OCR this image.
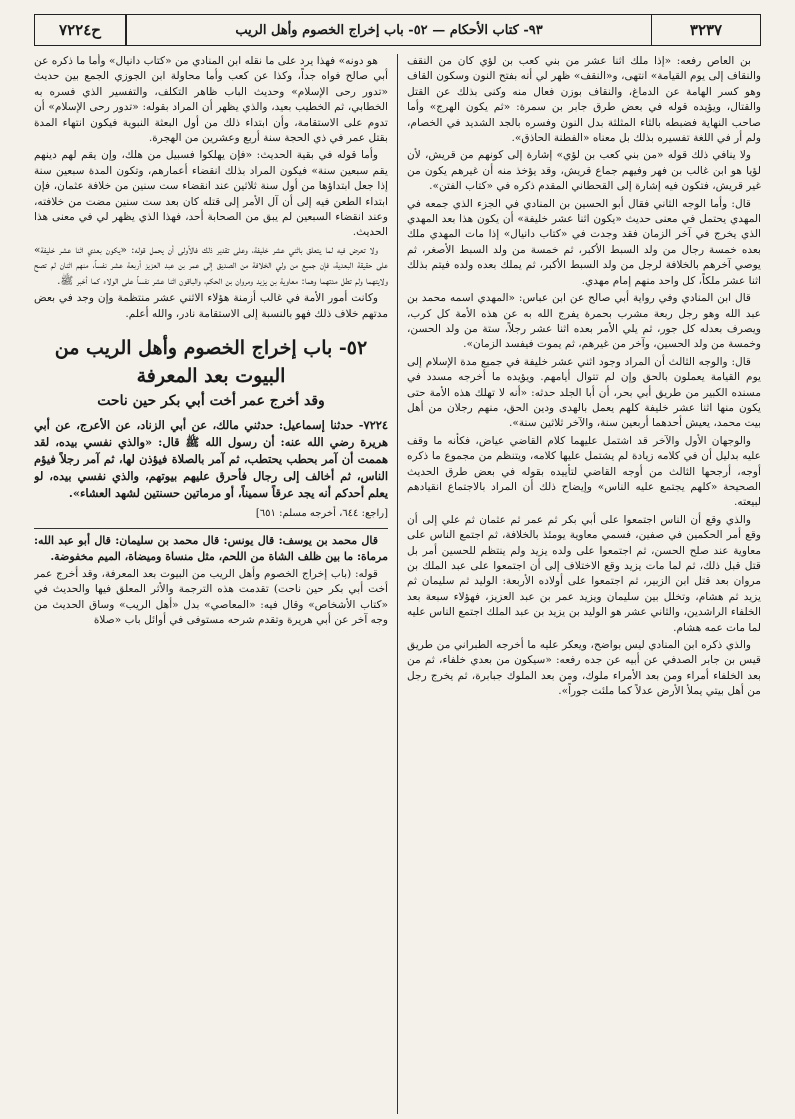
٣٢٣٧
٩٣- كتاب الأحكام — ٥٢- باب إخراج الخصوم وأهل الريب
ح٧٢٢٤

بن العاص رفعه: «إذا ملك اثنا عشر من بني كعب بن لؤي كان من النقف والنقاف إلى يوم القيامة» انتهى، و«النقف» ظهر لي أنه بفتح النون وسكون القاف وهو كسر الهامة عن الدماغ، والنقاف بوزن فعال منه وكنى بذلك عن القتل والقتال، ويؤيده قوله في بعض طرق جابر بن سمرة: «ثم يكون الهرج» وأما صاحب النهاية فضبطه بالثاء المثلثة بدل النون وفسره بالجد الشديد في الخصام، ولم أر في اللغة تفسيره بذلك بل معناه «الفطنة الحاذق».

ولا ينافي ذلك قوله «من بني كعب بن لؤي» إشارة إلى كونهم من قريش، لأن لؤيا هو ابن غالب بن فهر وفيهم جماع قريش، وقد يؤخذ منه أن غيرهم يكون من غير قريش، فتكون فيه إشارة إلى القحطاني المقدم ذكره في «كتاب الفتن».

قال: وأما الوجه الثاني فقال أبو الحسين بن المنادي في الجزء الذي جمعه في المهدي يحتمل في معنى حديث «يكون اثنا عشر خليفة» أن يكون هذا بعد المهدي الذي يخرج في آخر الزمان فقد وجدت في «كتاب دانيال» إذا مات المهدي ملك بعده خمسة رجال من ولد السبط الأكبر، ثم خمسة من ولد السبط الأصغر، ثم يوصي آخرهم بالخلافة لرجل من ولد السبط الأكبر، ثم يملك بعده ولده فيتم بذلك اثنا عشر ملكاً، كل واحد منهم إمام مهدي.

قال ابن المنادي وفي رواية أبي صالح عن ابن عباس: «المهدي اسمه محمد بن عبد الله وهو رجل ربعة مشرب بحمرة يفرج الله به عن هذه الأمة كل كرب، ويصرف بعدله كل جور، ثم يلي الأمر بعده اثنا عشر رجلاً، ستة من ولد الحسن، وخمسة من ولد الحسين، وآخر من غيرهم، ثم يموت فيفسد الزمان».

قال: والوجه الثالث أن المراد وجود اثني عشر خليفة في جميع مدة الإسلام إلى يوم القيامة يعملون بالحق وإن لم تتوال أيامهم. ويؤيده ما أخرجه مسدد في مسنده الكبير من طريق أبي بحر، أن أبا الجلد حدثه: «أنه لا تهلك هذه الأمة حتى يكون منها اثنا عشر خليفة كلهم يعمل بالهدى ودين الحق، منهم رجلان من أهل بيت محمد، يعيش أحدهما أربعين سنة، والآخر ثلاثين سنة».

والوجهان الأول والآخر قد اشتمل عليهما كلام القاضي عياض، فكأنه ما وقف عليه بدليل أن في كلامه زيادة لم يشتمل عليها كلامه، ويتنظم من مجموع ما ذكره أوجه، أرجحها الثالث من أوجه القاضي لتأييده بقوله في بعض طرق الحديث الصحيحة «كلهم يجتمع عليه الناس» وإيضاح ذلك أن المراد بالاجتماع انقيادهم لبيعته.

والذي وقع أن الناس اجتمعوا على أبي بكر ثم عمر ثم عثمان ثم علي إلى أن وقع أمر الحكمين في صفين، فسمي معاوية يومئذ بالخلافة، ثم اجتمع الناس على معاوية عند صلح الحسن، ثم اجتمعوا على ولده يزيد ولم ينتظم للحسين أمر بل قتل قبل ذلك، ثم لما مات يزيد وقع الاختلاف إلى أن اجتمعوا على عبد الملك بن مروان بعد قتل ابن الزبير، ثم اجتمعوا على أولاده الأربعة: الوليد ثم سليمان ثم يزيد ثم هشام، وتخلل بين سليمان ويزيد عمر بن عبد العزيز، فهؤلاء سبعة بعد الخلفاء الراشدين، والثاني عشر هو الوليد بن يزيد بن عبد الملك اجتمع الناس عليه لما مات عمه هشام.

والذي ذكره ابن المنادي ليس بواضح، ويعكر عليه ما أخرجه الطبراني من طريق قيس بن جابر الصدفي عن أبيه عن جده رفعه: «سيكون من بعدي خلفاء، ثم من بعد الخلفاء أمراء ومن بعد الأمراء ملوك، ومن بعد الملوك جبابرة، ثم يخرج رجل من أهل بيتي يملأ الأرض عدلاً كما ملئت جوراً».

هو دونه» فهذا يرد على ما نقله ابن المنادي من «كتاب دانيال» وأما ما ذكره عن أبي صالح فواه جداً، وكذا عن كعب وأما محاولة ابن الجوزي الجمع بين حديث «تدور رحى الإسلام» وحديث الباب ظاهر التكلف، والتفسير الذي فسره به الخطابي، ثم الخطيب بعيد، والذي يظهر أن المراد بقوله: «تدور رحى الإسلام» أن تدوم على الاستقامة، وأن ابتداء ذلك من أول البعثة النبوية فيكون انتهاء المدة بقتل عمر في ذي الحجة سنة أربع وعشرين من الهجرة.

وأما قوله في بقية الحديث: «فإن يهلكوا فسبيل من هلك، وإن يقم لهم دينهم يقم سبعين سنة» فيكون المراد بذلك انقضاء أعمارهم، وتكون المدة سبعين سنة إذا جعل ابتداؤها من أول سنة ثلاثين عند انقضاء ست سنين من خلافة عثمان، فإن ابتداء الطعن فيه إلى أن آل الأمر إلى قتله كان بعد ست سنين مضت من خلافته، وعند انقضاء السبعين لم يبق من الصحابة أحد، فهذا الذي يظهر لي في معنى هذا الحديث.

ولا تعرض فيه لما يتعلق باثني عشر خليفة، وعلى تقدير ذلك فالأولى أن يحمل قوله: «يكون بعدي اثنا عشر خليفة» على حقيقة البعدية، فإن جميع من ولي الخلافة من الصديق إلى عمر بن عبد العزيز أربعة عشر نفساً، منهم اثنان لم تصح ولايتهما ولم تطل مدتهما وهما: معاوية بن يزيد ومروان بن الحكم، والباقون اثنا عشر نفساً على الولاء كما أخبر ﷺ.

وكانت أمور الأمة في غالب أزمنة هؤلاء الاثني عشر منتظمة وإن وجد في بعض مدتهم خلاف ذلك فهو بالنسبة إلى الاستقامة نادر، والله أعلم.

٥٢- باب إخراج الخصوم وأهل الريب من البيوت بعد المعرفة
وقد أخرج عمر أخت أبي بكر حين ناحت
٧٢٢٤- حدثنا إسماعيل: حدثني مالك، عن أبي الزناد، عن الأعرج، عن أبي هريرة رضي الله عنه: أن رسول الله ﷺ قال: «والذي نفسي بيده، لقد هممت أن آمر بحطب يحتطب، ثم آمر بالصلاة فيؤذن لها، ثم آمر رجلاً فيؤم الناس، ثم أخالف إلى رجال فأحرق عليهم بيوتهم، والذي نفسي بيده، لو يعلم أحدكم أنه يجد عرقاً سميناً، أو مرماتين حسنتين لشهد العشاء».
[راجع: ٦٤٤، أخرجه مسلم: ٦٥١]

قال محمد بن يوسف: قال يونس: قال محمد بن سليمان: قال أبو عبد الله: مرماة: ما بين ظلف الشاة من اللحم، مثل منساة وميضاة، الميم مخفوضة.

قوله: (باب إخراج الخصوم وأهل الريب من البيوت بعد المعرفة، وقد أخرج عمر أخت أبي بكر حين ناحت) تقدمت هذه الترجمة والأثر المعلق فيها والحديث في «كتاب الأشخاص» وقال فيه: «المعاصي» بدل «أهل الريب» وساق الحديث من وجه آخر عن أبي هريرة وتقدم شرحه مستوفى في أوائل باب «صلاة
